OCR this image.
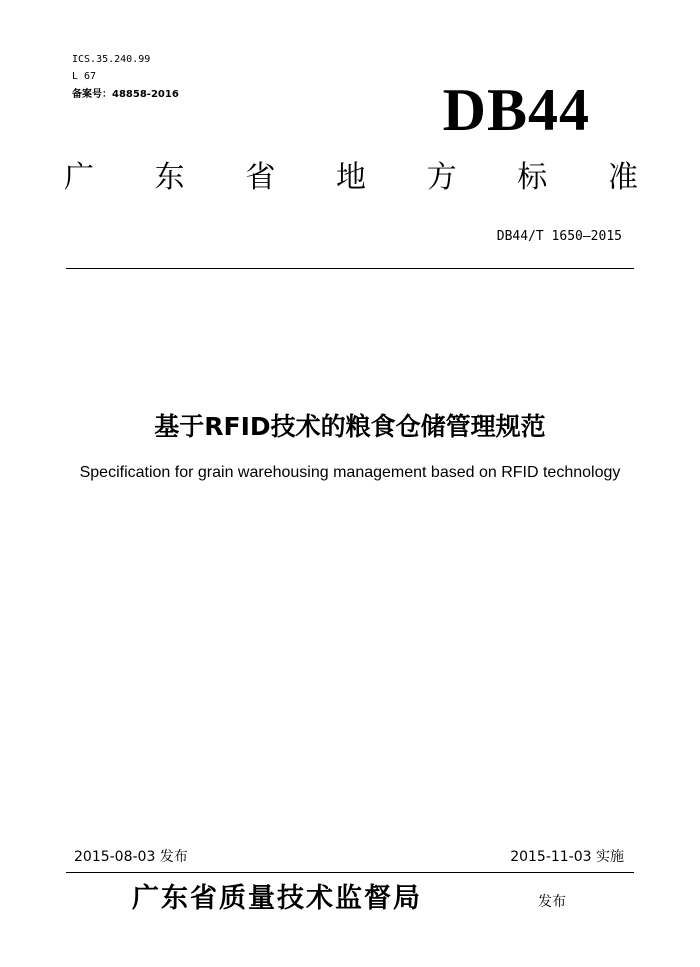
ICS.35.240.99
L 67
备案号：48858-2016	DB44
广 东 省 地 方 标 准
DB44/T 1650—2015
基于RFID技术的粮食仓储管理规范
Specification for grain warehousing management based on RFID technology
2015-08-03 发布	2015-11-03 实施
广东省质量技术监督局	发布
